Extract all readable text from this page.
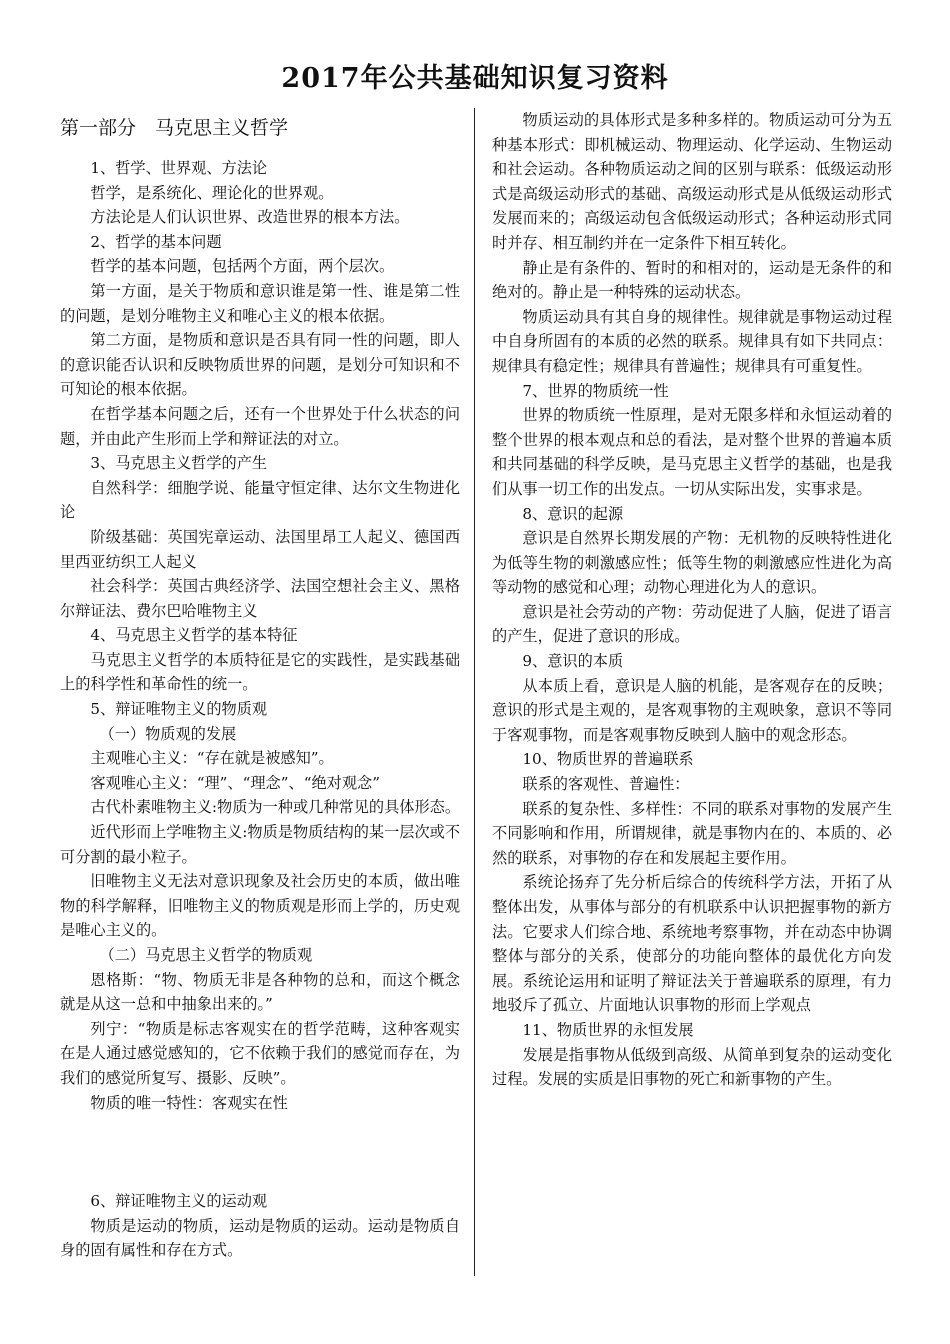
2017年公共基础知识复习资料

第一部分　马克思主义哲学

1、哲学、世界观、方法论

哲学，是系统化、理论化的世界观。

方法论是人们认识世界、改造世界的根本方法。

2、哲学的基本问题

哲学的基本问题，包括两个方面，两个层次。

第一方面，是关于物质和意识谁是第一性、谁是第二性的问题，是划分唯物主义和唯心主义的根本依据。

第二方面，是物质和意识是否具有同一性的问题，即人的意识能否认识和反映物质世界的问题，是划分可知识和不可知论的根本依据。

在哲学基本问题之后，还有一个世界处于什么状态的问题，并由此产生形而上学和辩证法的对立。

3、马克思主义哲学的产生

自然科学：细胞学说、能量守恒定律、达尔文生物进化论

阶级基础：英国宪章运动、法国里昂工人起义、德国西里西亚纺织工人起义

社会科学：英国古典经济学、法国空想社会主义、黑格尔辩证法、费尔巴哈唯物主义

4、马克思主义哲学的基本特征

马克思主义哲学的本质特征是它的实践性，是实践基础上的科学性和革命性的统一。

5、辩证唯物主义的物质观

（一）物质观的发展

主观唯心主义：“存在就是被感知”。

客观唯心主义：“理”、“理念”、“绝对观念”

古代朴素唯物主义:物质为一种或几种常见的具体形态。

近代形而上学唯物主义:物质是物质结构的某一层次或不可分割的最小粒子。

旧唯物主义无法对意识现象及社会历史的本质，做出唯物的科学解释，旧唯物主义的物质观是形而上学的，历史观是唯心主义的。

（二）马克思主义哲学的物质观

恩格斯：“物、物质无非是各种物的总和，而这个概念就是从这一总和中抽象出来的。”

列宁：“物质是标志客观实在的哲学范畴，这种客观实在是人通过感觉感知的，它不依赖于我们的感觉而存在，为我们的感觉所复写、摄影、反映”。

物质的唯一特性：客观实在性

6、辩证唯物主义的运动观

物质是运动的物质，运动是物质的运动。运动是物质自身的固有属性和存在方式。

物质运动的具体形式是多种多样的。物质运动可分为五种基本形式：即机械运动、物理运动、化学运动、生物运动和社会运动。各种物质运动之间的区别与联系：低级运动形式是高级运动形式的基础、高级运动形式是从低级运动形式发展而来的；高级运动包含低级运动形式；各种运动形式同时并存、相互制约并在一定条件下相互转化。

静止是有条件的、暂时的和相对的，运动是无条件的和绝对的。静止是一种特殊的运动状态。

物质运动具有其自身的规律性。规律就是事物运动过程中自身所固有的本质的必然的联系。规律具有如下共同点：规律具有稳定性；规律具有普遍性；规律具有可重复性。

7、世界的物质统一性

世界的物质统一性原理，是对无限多样和永恒运动着的整个世界的根本观点和总的看法，是对整个世界的普遍本质和共同基础的科学反映，是马克思主义哲学的基础，也是我们从事一切工作的出发点。一切从实际出发，实事求是。

8、意识的起源

意识是自然界长期发展的产物：无机物的反映特性进化为低等生物的刺激感应性；低等生物的刺激感应性进化为高等动物的感觉和心理；动物心理进化为人的意识。

意识是社会劳动的产物：劳动促进了人脑，促进了语言的产生，促进了意识的形成。

9、意识的本质

从本质上看，意识是人脑的机能，是客观存在的反映；意识的形式是主观的，是客观事物的主观映象，意识不等同于客观事物，而是客观事物反映到人脑中的观念形态。

10、物质世界的普遍联系

联系的客观性、普遍性：

联系的复杂性、多样性：不同的联系对事物的发展产生不同影响和作用，所谓规律，就是事物内在的、本质的、必然的联系，对事物的存在和发展起主要作用。

系统论扬弃了先分析后综合的传统科学方法，开拓了从整体出发，从事体与部分的有机联系中认识把握事物的新方法。它要求人们综合地、系统地考察事物，并在动态中协调整体与部分的关系，使部分的功能向整体的最优化方向发展。系统论运用和证明了辩证法关于普遍联系的原理，有力地驳斥了孤立、片面地认识事物的形而上学观点

11、物质世界的永恒发展

发展是指事物从低级到高级、从简单到复杂的运动变化过程。发展的实质是旧事物的死亡和新事物的产生。
